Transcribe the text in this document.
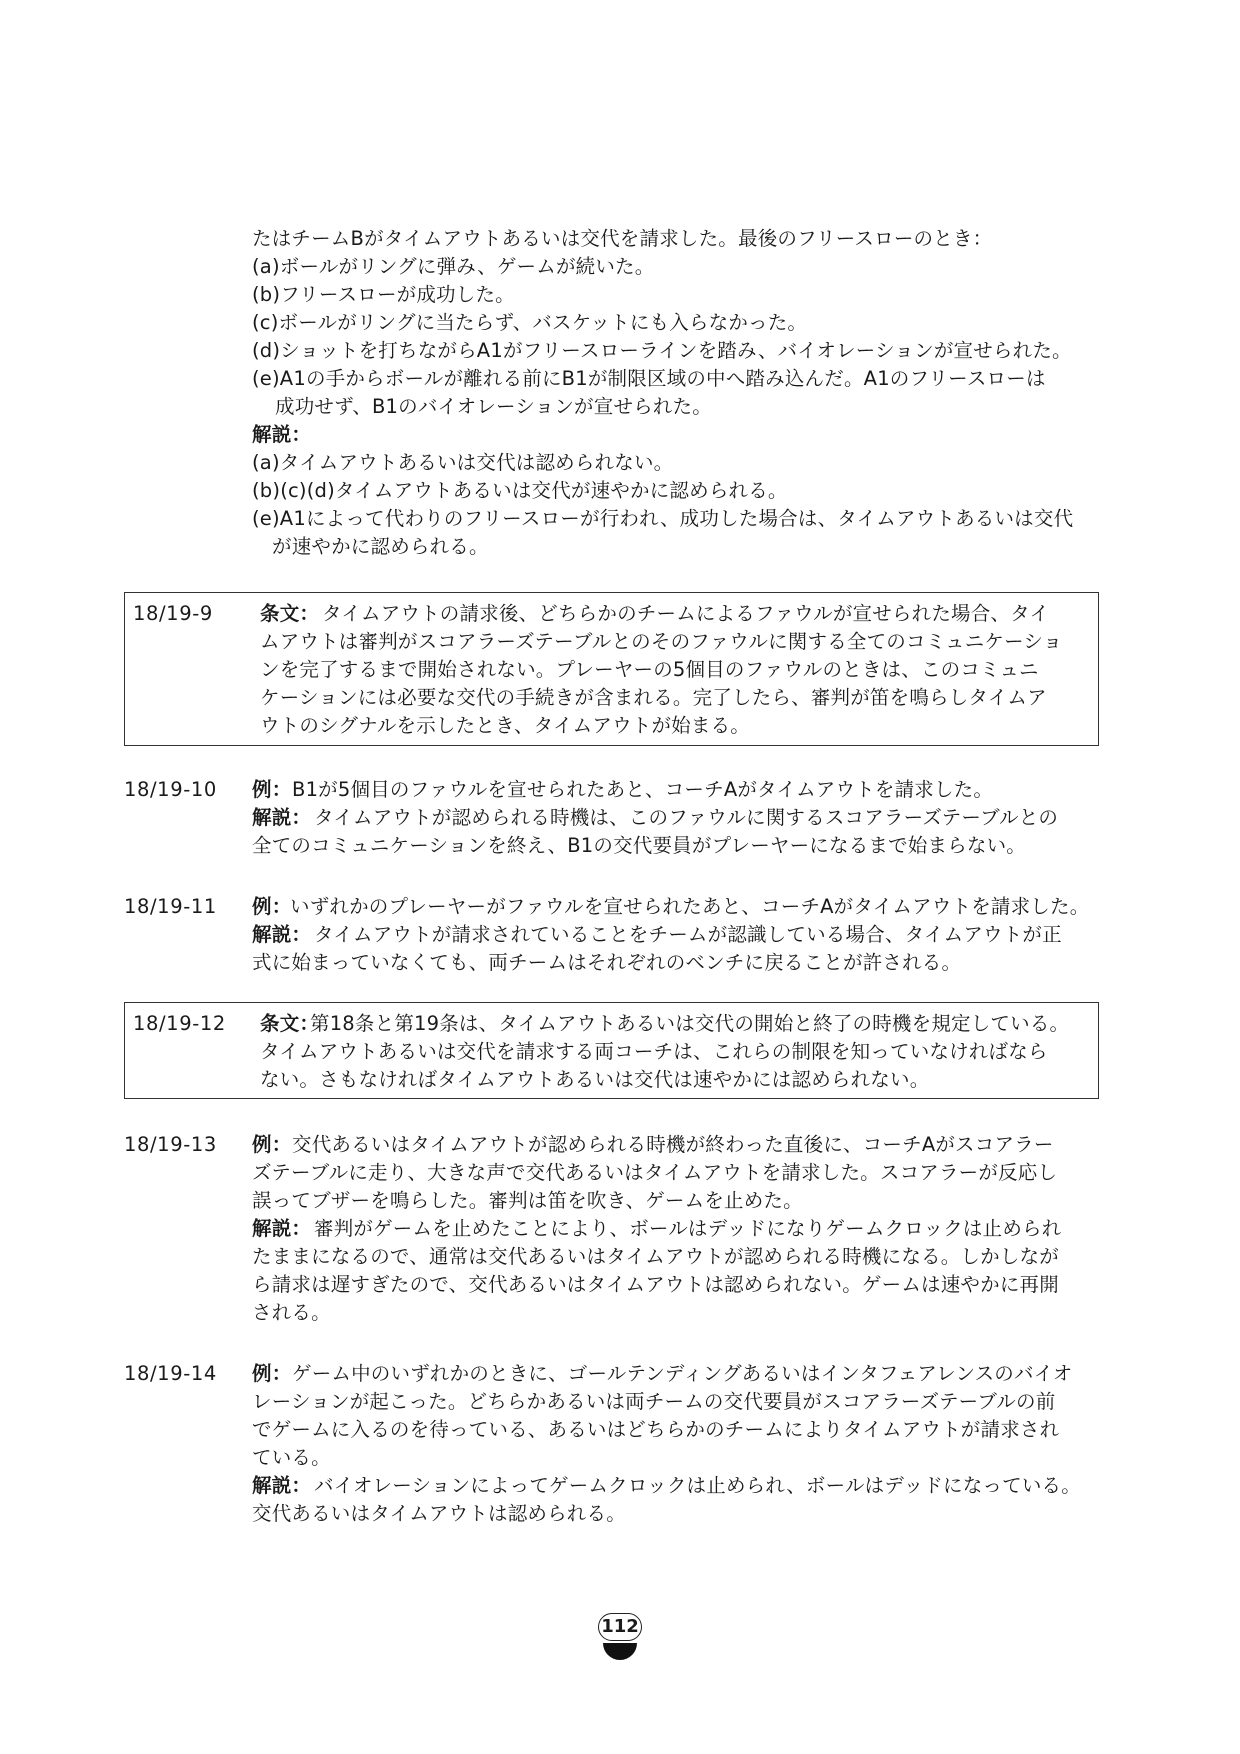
たはチームBがタイムアウトあるいは交代を請求した。最後のフリースローのとき：
(a)ボールがリングに弾み、ゲームが続いた。
(b)フリースローが成功した。
(c)ボールがリングに当たらず、バスケットにも入らなかった。
(d)ショットを打ちながらA1がフリースローラインを踏み、バイオレーションが宣せられた。
(e)A1の手からボールが離れる前にB1が制限区域の中へ踏み込んだ。A1のフリースローは
成功せず、B1のバイオレーションが宣せられた。
解説：
(a)タイムアウトあるいは交代は認められない。
(b)(c)(d)タイムアウトあるいは交代が速やかに認められる。
(e)A1によって代わりのフリースローが行われ、成功した場合は、タイムアウトあるいは交代
が速やかに認められる。
18/19-9 条文： タイムアウトの請求後、どちらかのチームによるファウルが宣せられた場合、タイ
ムアウトは審判がスコアラーズテーブルとのそのファウルに関する全てのコミュニケーショ
ンを完了するまで開始されない。プレーヤーの5個目のファウルのときは、このコミュニ
ケーションには必要な交代の手続きが含まれる。完了したら、審判が笛を鳴らしタイムア
ウトのシグナルを示したとき、タイムアウトが始まる。
18/19-10 例： B1が5個目のファウルを宣せられたあと、コーチAがタイムアウトを請求した。
解説： タイムアウトが認められる時機は、このファウルに関するスコアラーズテーブルとの
全てのコミュニケーションを終え、B1の交代要員がプレーヤーになるまで始まらない。
18/19-11 例：
いずれかのプレーヤーがファウルを宣せられたあと、コーチAがタイムアウトを請求した。
解説： タイムアウトが請求されていることをチームが認識している場合、タイムアウトが正
式に始まっていなくても、両チームはそれぞれのベンチに戻ることが許される。
18/19-12 条文：
第18条と第19条は、タイムアウトあるいは交代の開始と終了の時機を規定している。
タイムアウトあるいは交代を請求する両コーチは、これらの制限を知っていなければなら
ない。さもなければタイムアウトあるいは交代は速やかには認められない。
18/19-13 例： 交代あるいはタイムアウトが認められる時機が終わった直後に、コーチAがスコアラー
ズテーブルに走り、大きな声で交代あるいはタイムアウトを請求した。スコアラーが反応し
誤ってブザーを鳴らした。審判は笛を吹き、ゲームを止めた。
解説： 審判がゲームを止めたことにより、ボールはデッドになりゲームクロックは止められ
たままになるので、通常は交代あるいはタイムアウトが認められる時機になる。しかしなが
ら請求は遅すぎたので、交代あるいはタイムアウトは認められない。ゲームは速やかに再開
される。
18/19-14 例： ゲーム中のいずれかのときに、ゴールテンディングあるいはインタフェアレンスのバイオ
レーションが起こった。どちらかあるいは両チームの交代要員がスコアラーズテーブルの前
でゲームに入るのを待っている、あるいはどちらかのチームによりタイムアウトが請求され
ている。
解説： バイオレーションによってゲームクロックは止められ、ボールはデッドになっている。
交代あるいはタイムアウトは認められる。
112
